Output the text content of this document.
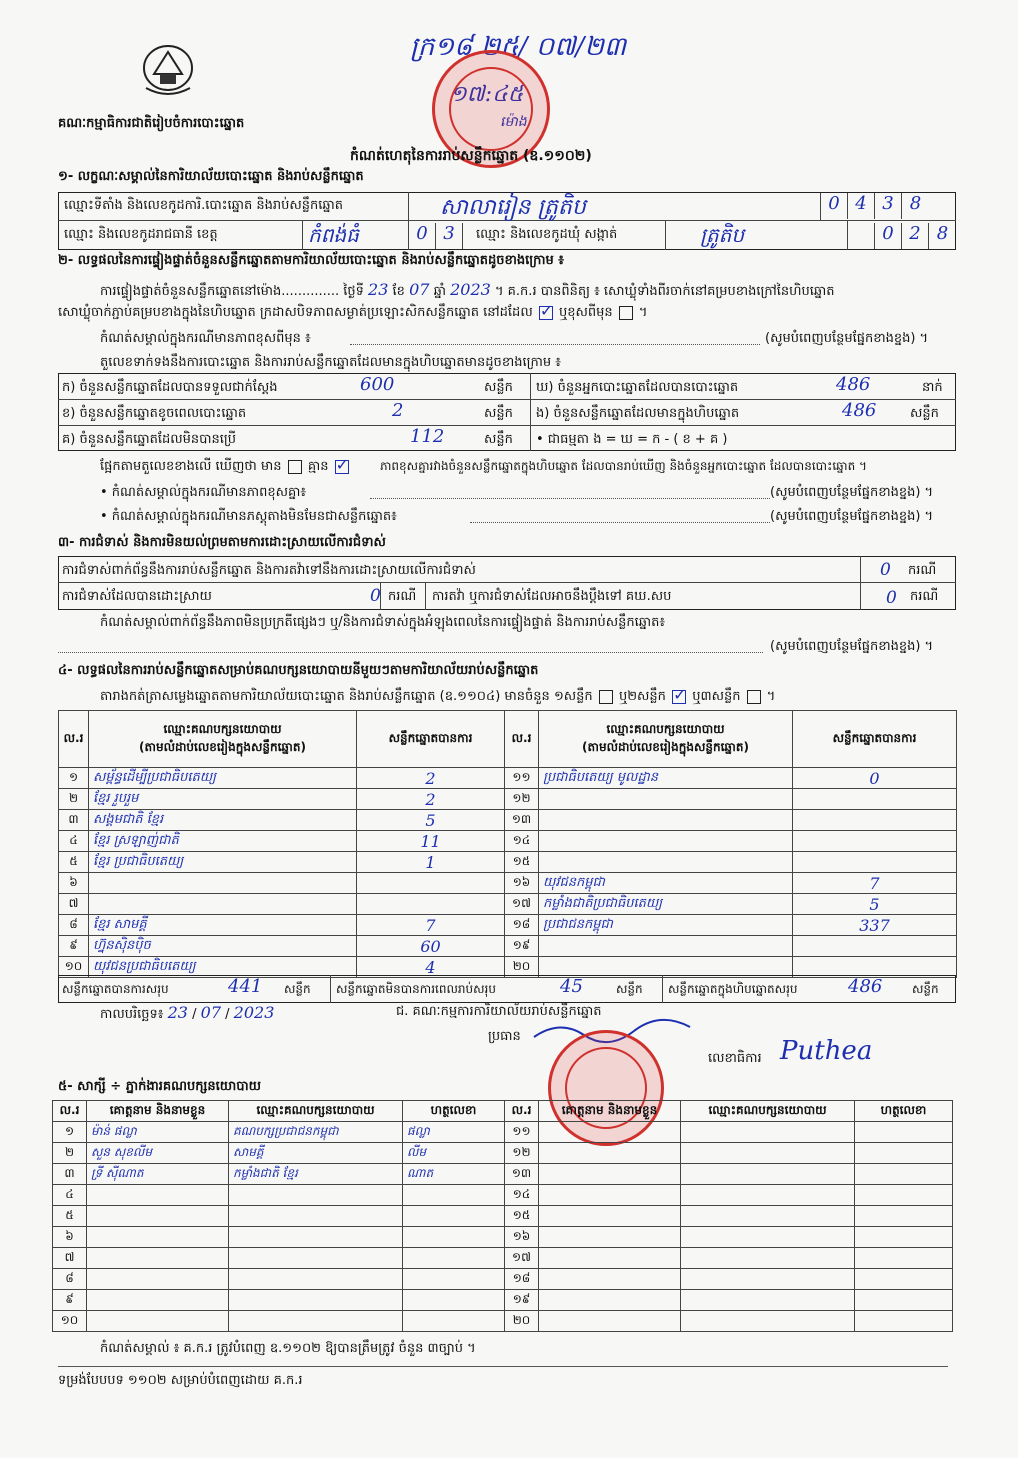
គណៈកម្មាធិការជាតិរៀបចំការបោះឆ្នោត
ក្រ១៨ ២៥/ ០៧/២៣
១៧:៤៥
ម៉ោង
កំណត់ហេតុនៃការរាប់សន្លឹកឆ្នោត (ឧ.១១០២)
១- លក្ខណៈសម្គាល់នៃការិយាល័យបោះឆ្នោត និងរាប់សន្លឹកឆ្នោត
ឈ្មោះទីតាំង និងលេខកូដការិ.បោះឆ្នោត និងរាប់សន្លឹកឆ្នោត	សាលារៀន ត្រូតិប	0 4 3 8
ឈ្មោះ និងលេខកូដរាជធានី ខេត្ត	កំពង់ធំ	0 3	ឈ្មោះ និងលេខកូដឃុំ សង្កាត់	ត្រូតិប	0 2 8
២- លទ្ធផលនៃការផ្ទៀងផ្ទាត់ចំនួនសន្លឹកឆ្នោតតាមការិយាល័យបោះឆ្នោត និងរាប់សន្លឹកឆ្នោតដូចខាងក្រោម ៖
ការផ្ទៀងផ្ទាត់ចំនួនសន្លឹកឆ្នោតនៅម៉ោង.............. ថ្ងៃទី 23 ខែ 07 ឆ្នាំ 2023 ។ គ.ក.រ បានពិនិត្យ ៖ សោឃ្លុំទាំងពីរចាក់នៅគម្របខាងក្រៅនៃហិបឆ្នោត
សោឃ្លុំចាក់ភ្ជាប់គម្របខាងក្នុងនៃហិបឆ្នោត ក្រដាសបិទភាពសម្ងាត់ប្រឡោះសិកសន្លឹកឆ្នោត នៅដដែល ✓ ឬខុសពីមុន  ។
កំណត់សម្គាល់ក្នុងករណីមានភាពខុសពីមុន ៖	(សូមបំពេញបន្ថែមផ្នែកខាងខ្នង) ។
តួលេខទាក់ទងនឹងការបោះឆ្នោត និងការរាប់សន្លឹកឆ្នោតដែលមានក្នុងហិបឆ្នោតមានដូចខាងក្រោម ៖
ក) ចំនួនសន្លឹកឆ្នោតដែលបានទទួលជាក់ស្ដែង	600	សន្លឹក
ខ) ចំនួនសន្លឹកឆ្នោតខូចពេលបោះឆ្នោត	2	សន្លឹក
គ) ចំនួនសន្លឹកឆ្នោតដែលមិនបានប្រើ	112	សន្លឹក
ឃ) ចំនួនអ្នកបោះឆ្នោតដែលបានបោះឆ្នោត	486	នាក់
ង) ចំនួនសន្លឹកឆ្នោតដែលមានក្នុងហិបឆ្នោត	486	សន្លឹក
• ជាធម្មតា ង = ឃ = ក - ( ខ + គ )
ផ្អែកតាមតួលេខខាងលើ ឃើញថា មាន គ្មាន ✓	ភាពខុសគ្នារវាងចំនួនសន្លឹកឆ្នោតក្នុងហិបឆ្នោត ដែលបានរាប់ឃើញ និងចំនួនអ្នកបោះឆ្នោត ដែលបានបោះឆ្នោត ។
• កំណត់សម្គាល់ក្នុងករណីមានភាពខុសគ្នា៖	(សូមបំពេញបន្ថែមផ្នែកខាងខ្នង) ។
• កំណត់សម្គាល់ក្នុងករណីមានភស្តុតាងមិនមែនជាសន្លឹកឆ្នោត៖	(សូមបំពេញបន្ថែមផ្នែកខាងខ្នង) ។
៣- ការជំទាស់ និងការមិនយល់ព្រមតាមការដោះស្រាយលើការជំទាស់
ការជំទាស់ពាក់ព័ន្ធនឹងការរាប់សន្លឹកឆ្នោត និងការតវ៉ាទៅនឹងការដោះស្រាយលើការជំទាស់	0 ករណី
ការជំទាស់ដែលបានដោះស្រាយ	0 ករណី ការតវ៉ា ឬការជំទាស់ដែលអាចនឹងប្ដឹងទៅ គឃ.សប	0 ករណី
កំណត់សម្គាល់ពាក់ព័ន្ធនឹងភាពមិនប្រក្រតីផ្សេងៗ ឬ/និងការជំទាស់ក្នុងអំឡុងពេលនៃការផ្ទៀងផ្ទាត់ និងការរាប់សន្លឹកឆ្នោត៖
(សូមបំពេញបន្ថែមផ្នែកខាងខ្នង) ។
៤- លទ្ធផលនៃការរាប់សន្លឹកឆ្នោតសម្រាប់គណបក្សនយោបាយនីមួយៗតាមការិយាល័យរាប់សន្លឹកឆ្នោត
តារាងកត់ត្រាសម្លេងឆ្នោតតាមការិយាល័យបោះឆ្នោត និងរាប់សន្លឹកឆ្នោត (ឧ.១១០៤) មានចំនួន ១សន្លឹក ឬ២សន្លឹក ✓ ឬ៣សន្លឹក  ។
ល.រ	ឈ្មោះគណបក្សនយោបាយ
(តាមលំដាប់លេខរៀងក្នុងសន្លឹកឆ្នោត)	សន្លឹកឆ្នោតបានការ
១	សម្ព័ន្ធដើម្បីប្រជាធិបតេយ្យ	2
២	ខ្មែរ រួបរួម	2
៣	សង្គមជាតិ ខ្មែរ	5
៤	ខ្មែរ ស្រឡាញ់ជាតិ	11
៥	ខ្មែរ ប្រជាធិបតេយ្យ	1
៦		
៧		
៨	ខ្មែរ សាមគ្គី	7
៩	ហ្វ៊ុនស៊ិនប៉ិច	60
១០	យុវជនប្រជាធិបតេយ្យ	4
ល.រ	ឈ្មោះគណបក្សនយោបាយ
(តាមលំដាប់លេខរៀងក្នុងសន្លឹកឆ្នោត)	សន្លឹកឆ្នោតបានការ
១១	ប្រជាធិបតេយ្យ មូលដ្ឋាន	0
១២		
១៣		
១៤		
១៥		
១៦	យុវជនកម្ពុជា	7
១៧	កម្លាំងជាតិប្រជាធិបតេយ្យ	5
១៨	ប្រជាជនកម្ពុជា	337
១៩		
២០		
សន្លឹកឆ្នោតបានការសរុប	441 សន្លឹក សន្លឹកឆ្នោតមិនបានការពេលរាប់សរុប	45	សន្លឹក សន្លឹកឆ្នោតក្នុងហិបឆ្នោតសរុប	486 សន្លឹក
កាលបរិច្ឆេទ៖ 23 / 07 / 2023	ជ. គណៈកម្មការការិយាល័យរាប់សន្លឹកឆ្នោត
ប្រធាន
លេខាធិការ Puthea
៥- សាក្សី ÷ ភ្នាក់ងារគណបក្សនយោបាយ
ល.រ	គោត្តនាម និងនាមខ្លួន	ឈ្មោះគណបក្សនយោបាយ	ហត្ថលេខា
១	ម៉ាន់ ផល្លា	គណបក្សប្រជាជនកម្ពុជា	ផល្លា
២	សួន សុខលីម	សាមគ្គី	លីម
៣	ទ្រី ស៊ីណាត	កម្លាំងជាតិ ខ្មែរ	ណាត
៤			
៥			
៦			
៧			
៨			
៩			
១០			
ល.រ	គោត្តនាម និងនាមខ្លួន	ឈ្មោះគណបក្សនយោបាយ	ហត្ថលេខា
១១			
១២			
១៣			
១៤			
១៥			
១៦			
១៧			
១៨			
១៩			
២០			
កំណត់សម្គាល់ ៖ គ.ក.រ ត្រូវបំពេញ ឧ.១១០២ ឱ្យបានត្រឹមត្រូវ ចំនួន ៣ច្បាប់ ។
ទម្រង់បែបបទ ១១០២ សម្រាប់បំពេញដោយ គ.ក.រ
